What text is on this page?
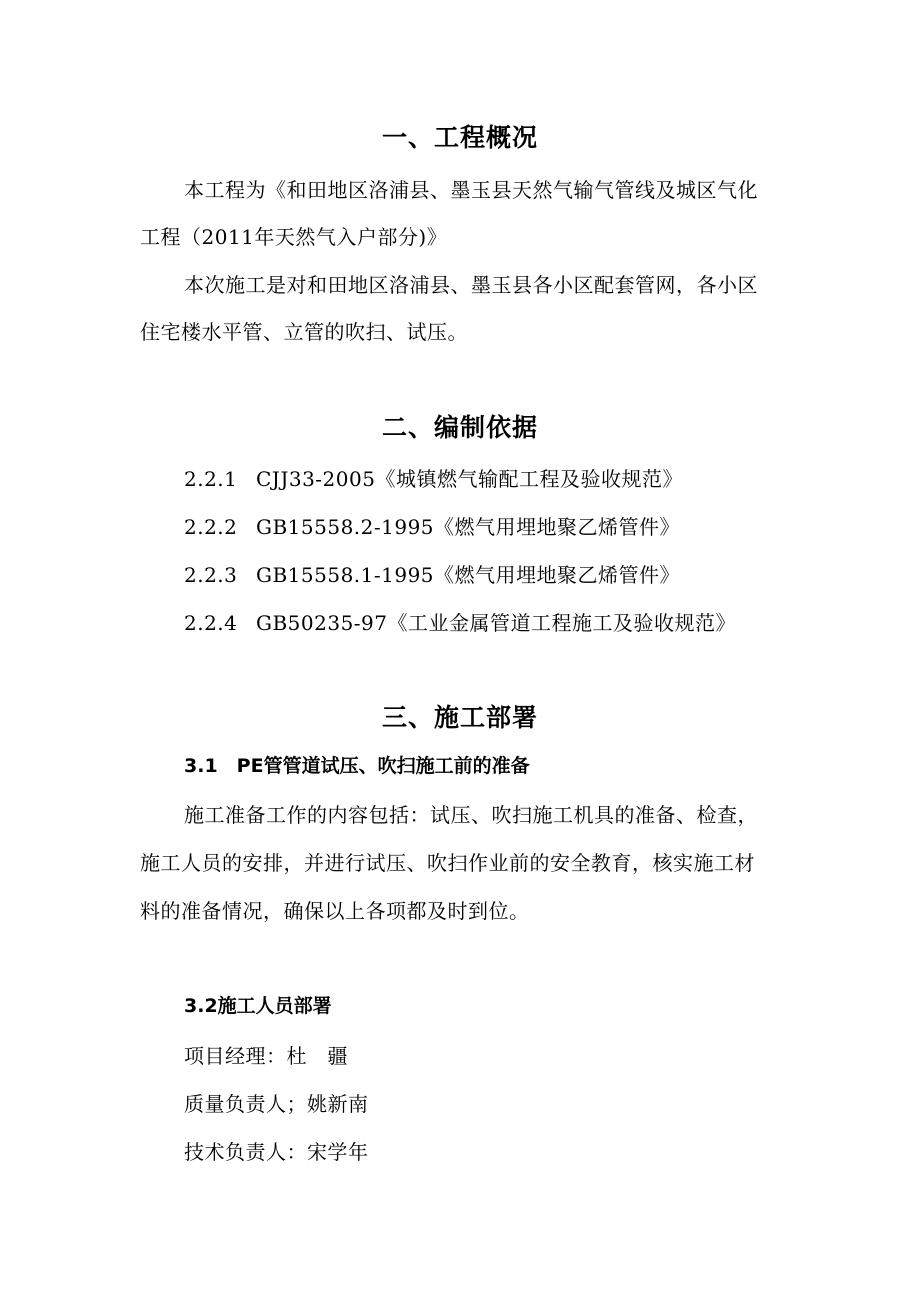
一、工程概况
本工程为《和田地区洛浦县、墨玉县天然气输气管线及城区气化
工程（2011年天然气入户部分)》
本次施工是对和田地区洛浦县、墨玉县各小区配套管网，各小区
住宅楼水平管、立管的吹扫、试压。
二、编制依据
2.2.1 CJJ33-2005《城镇燃气输配工程及验收规范》
2.2.2 GB15558.2-1995《燃气用埋地聚乙烯管件》
2.2.3 GB15558.1-1995《燃气用埋地聚乙烯管件》
2.2.4 GB50235-97《工业金属管道工程施工及验收规范》
三、施工部署
3.1　PE管管道试压、吹扫施工前的准备
施工准备工作的内容包括：试压、吹扫施工机具的准备、检查，
施工人员的安排，并进行试压、吹扫作业前的安全教育，核实施工材
料的准备情况，确保以上各项都及时到位。
3.2施工人员部署
项目经理：杜　疆
质量负责人；姚新南
技术负责人：宋学年
